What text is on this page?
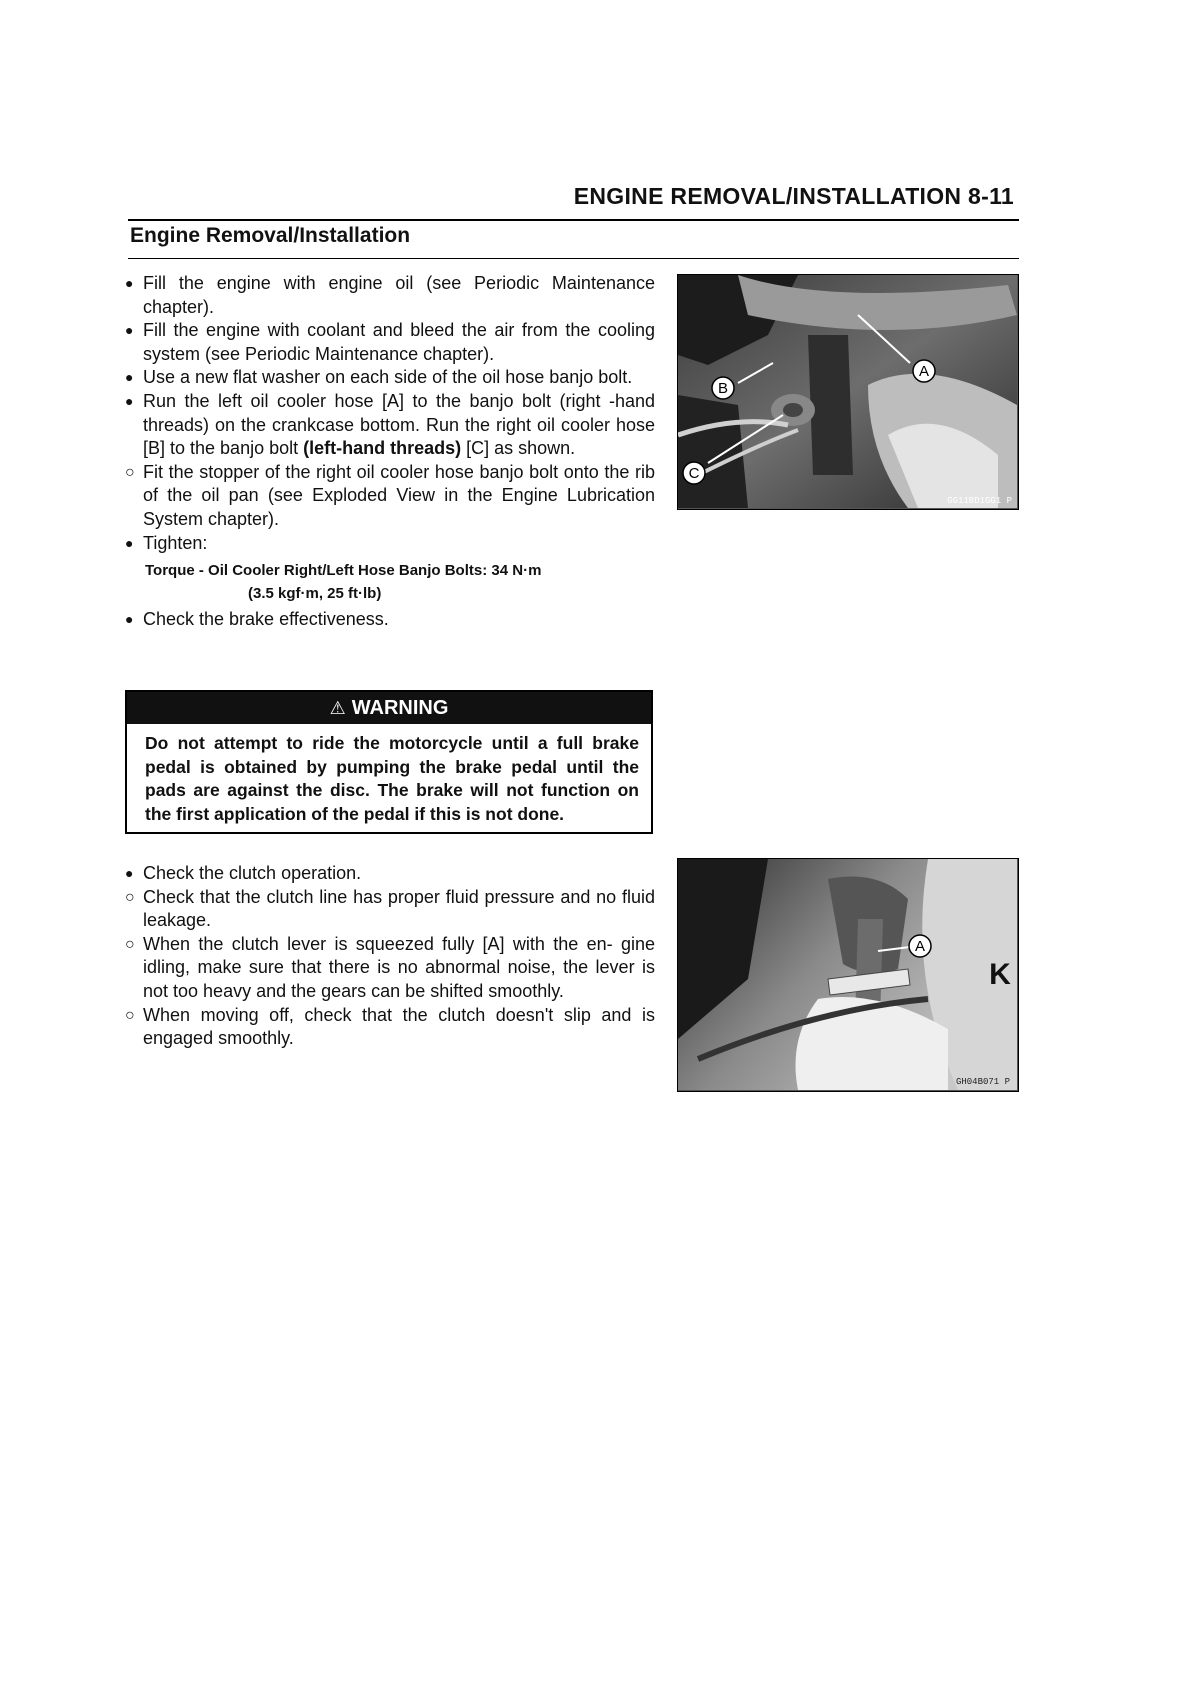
ENGINE REMOVAL/INSTALLATION 8-11
Engine Removal/Installation
● Fill the engine with engine oil (see Periodic Maintenance chapter).
● Fill the engine with coolant and bleed the air from the cooling system (see Periodic Maintenance chapter).
● Use a new flat washer on each side of the oil hose banjo bolt.
● Run the left oil cooler hose [A] to the banjo bolt (right -hand threads) on the crankcase bottom. Run the right oil cooler hose [B] to the banjo bolt (left-hand threads) [C] as shown.
○ Fit the stopper of the right oil cooler hose banjo bolt onto the rib of the oil pan (see Exploded View in the Engine Lubrication System chapter).
● Tighten:
Torque - Oil Cooler Right/Left Hose Banjo Bolts: 34 N·m
(3.5 kgf·m, 25 ft·lb)
● Check the brake effectiveness.
⚠ WARNING
Do not attempt to ride the motorcycle until a full brake pedal is obtained by pumping the brake pedal until the pads are against the disc. The brake will not function on the first application of the pedal if this is not done.
● Check the clutch operation.
○ Check that the clutch line has proper fluid pressure and no fluid leakage.
○ When the clutch lever is squeezed fully [A] with the en- gine idling, make sure that there is no abnormal noise, the lever is not too heavy and the gears can be shifted smoothly.
○ When moving off, check that the clutch doesn't slip and is engaged smoothly.
A
B
C
GG11BD1GG1 P
A
K
GH04B071 P
